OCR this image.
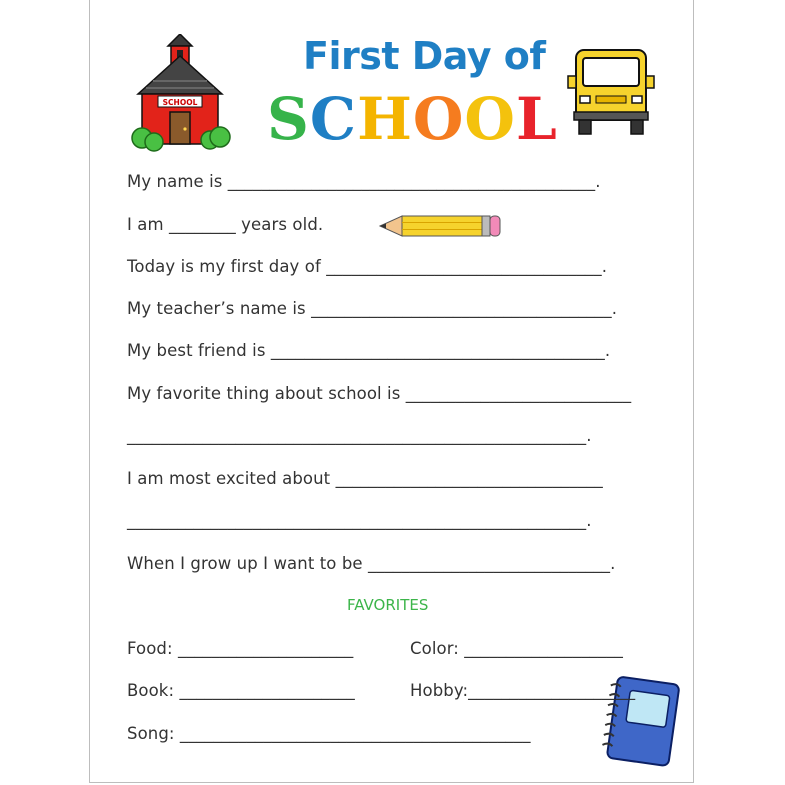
SCHOOL
First Day of
SCHOOL
My name is ____________________________________________.
I am ________ years old.
Today is my first day of _________________________________.
My teacher’s name is ____________________________________.
My best friend is ________________________________________.
My favorite thing about school is ___________________________
_______________________________________________________.
I am most excited about ________________________________
_______________________________________________________.
When I grow up I want to be _____________________________.
FAVORITES
Food: _____________________	Color: ___________________
Book: _____________________	Hobby:____________________
Song: __________________________________________
